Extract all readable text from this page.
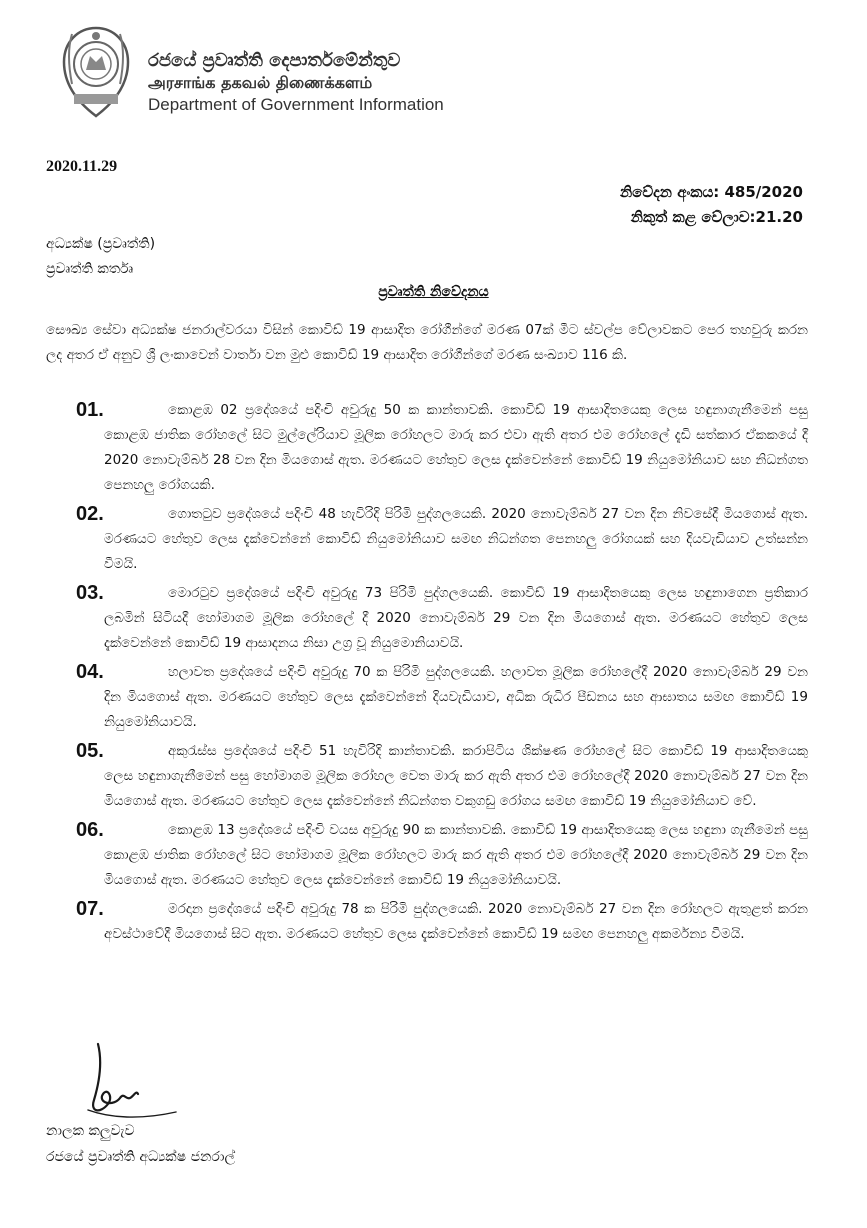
රජයේ ප්‍රවෘත්ති දෙපාර්තමේන්තුව
அரசாங்க தகவல் திணைக்களம்
Department of Government Information
2020.11.29
නිවේදන අංකය: 485/2020
නිකුත් කළ වේලාව:21.20
අධ්‍යක්ෂ (ප්‍රවෘත්ති)
ප්‍රවෘත්ති කර්තෘ
ප්‍රවෘත්ති නිවේදනය
සෞඛ්‍ය සේවා අධ්‍යක්ෂ ජනරාල්වරයා විසින් කොවිඩ් 19 ආසාදිත රෝගීන්ගේ මරණ 07ක් මීට ස්වල්ප වේලාවකට පෙර තහවුරු කරන ලද අතර ඒ අනුව ශ්‍රී ලංකාවෙන් වාර්තා වන මුළු කොවිඩ් 19 ආසාදිත රෝගීන්ගේ මරණ සංඛ්‍යාව 116 කි.
01.	කොළඹ 02 ප්‍රදේශයේ පදිංචි අවුරුදු 50 ක කාන්තාවකි. කොවිඩ් 19 ආසාදිතයෙකු ලෙස හඳුනාගැනීමෙන් පසු කොළඹ ජාතික රෝහලේ සිට මුල්ලේරියාව මූලික රෝහලට මාරු කර එවා ඇති අතර එම රෝහලේ දැඩි සත්කාර ඒකකයේ දී 2020 නොවැම්බර් 28 වන දින මියගොස් ඇත. මරණයට හේතුව ලෙස දැක්වෙන්නේ කොවිඩ් 19 නියුමෝනියාව සහ නිධන්ගත පෙනහලු රෝගයකි.
02.	ගොතටුව ප්‍රදේශයේ පදිංචි 48 හැවිරිදි පිරිමි පුද්ගලයෙකි. 2020 නොවැම්බර් 27 වන දින නිවසේදී මියගොස් ඇත. මරණයට හේතුව ලෙස දැක්වෙන්නේ කොවිඩ් නියුමෝනියාව සමඟ නිධන්ගත පෙනහලු රෝගයක් සහ දියවැඩියාව උත්සන්න වීමයි.
03.	මොරටුව ප්‍රදේශයේ පදිංචි අවුරුදු 73 පිරිමි පුද්ගලයෙකි. කොවිඩ් 19 ආසාදිතයෙකු ලෙස හඳුනාගෙන ප්‍රතිකාර ලබමින් සිටියදී හෝමාගම මූලික රෝහලේ දී 2020 නොවැම්බර් 29 වන දින මියගොස් ඇත. මරණයට හේතුව ලෙස දැක්වෙන්නේ කොවිඩ් 19 ආසාදනය නිසා උග්‍ර වූ නියුමොනියාවයි.
04.	හලාවත ප්‍රදේශයේ පදිංචි අවුරුදු 70 ක පිරිමි පුද්ගලයෙකි. හලාවත මූලික රෝහලේදී 2020 නොවැම්බර් 29 වන දින මියගොස් ඇත. මරණයට හේතුව ලෙස දැක්වෙන්නේ දියවැඩියාව, අධික රුධිර පීඩනය සහ ආඝාතය සමඟ කොවිඩ් 19 නියුමෝනියාවයි.
05.	අකුරැස්ස ප්‍රදේශයේ පදිංචි 51 හැවිරිදි කාන්තාවකි. කරාපිටිය ශික්ෂණ රෝහලේ සිට කොවිඩ් 19 ආසාදිතයෙකු ලෙස හඳුනාගැනීමෙන් පසු හෝමාගම මූලික රෝහල වෙත මාරු කර ඇති අතර එම රෝහලේදී 2020 නොවැම්බර් 27 වන දින මියගොස් ඇත. මරණයට හේතුව ලෙස දැක්වෙන්නේ නිධන්ගත වකුගඩු රෝගය සමඟ කොවිඩ් 19 නියුමෝනියාව වේ.
06.	කොළඹ 13 ප්‍රදේශයේ පදිංචි වයස අවුරුදු 90 ක කාන්තාවකි. කොවිඩ් 19 ආසාදිතයෙකු ලෙස හඳුනා ගැනීමෙන් පසු කොළඹ ජාතික රෝහලේ සිට හෝමාගම මූලික රෝහලට මාරු කර ඇති අතර එම රෝහලේදී 2020 නොවැම්බර් 29 වන දින මියගොස් ඇත. මරණයට හේතුව ලෙස දැක්වෙන්නේ කොවිඩ් 19 නියුමෝනියාවයි.
07.	මරදාන ප්‍රදේශයේ පදිංචි අවුරුදු 78 ක පිරිමි පුද්ගලයෙකි. 2020 නොවැම්බර් 27 වන දින රෝහලට ඇතුළත් කරන අවස්ථාවේදී මියගොස් සිට ඇත. මරණයට හේතුව ලෙස දැක්වෙන්නේ කොවිඩ් 19 සමඟ පෙනහලු අකර්මන්‍ය වීමයි.
නාලක කලුවැව
රජයේ ප්‍රවෘත්ති අධ්‍යක්ෂ ජනරාල්
